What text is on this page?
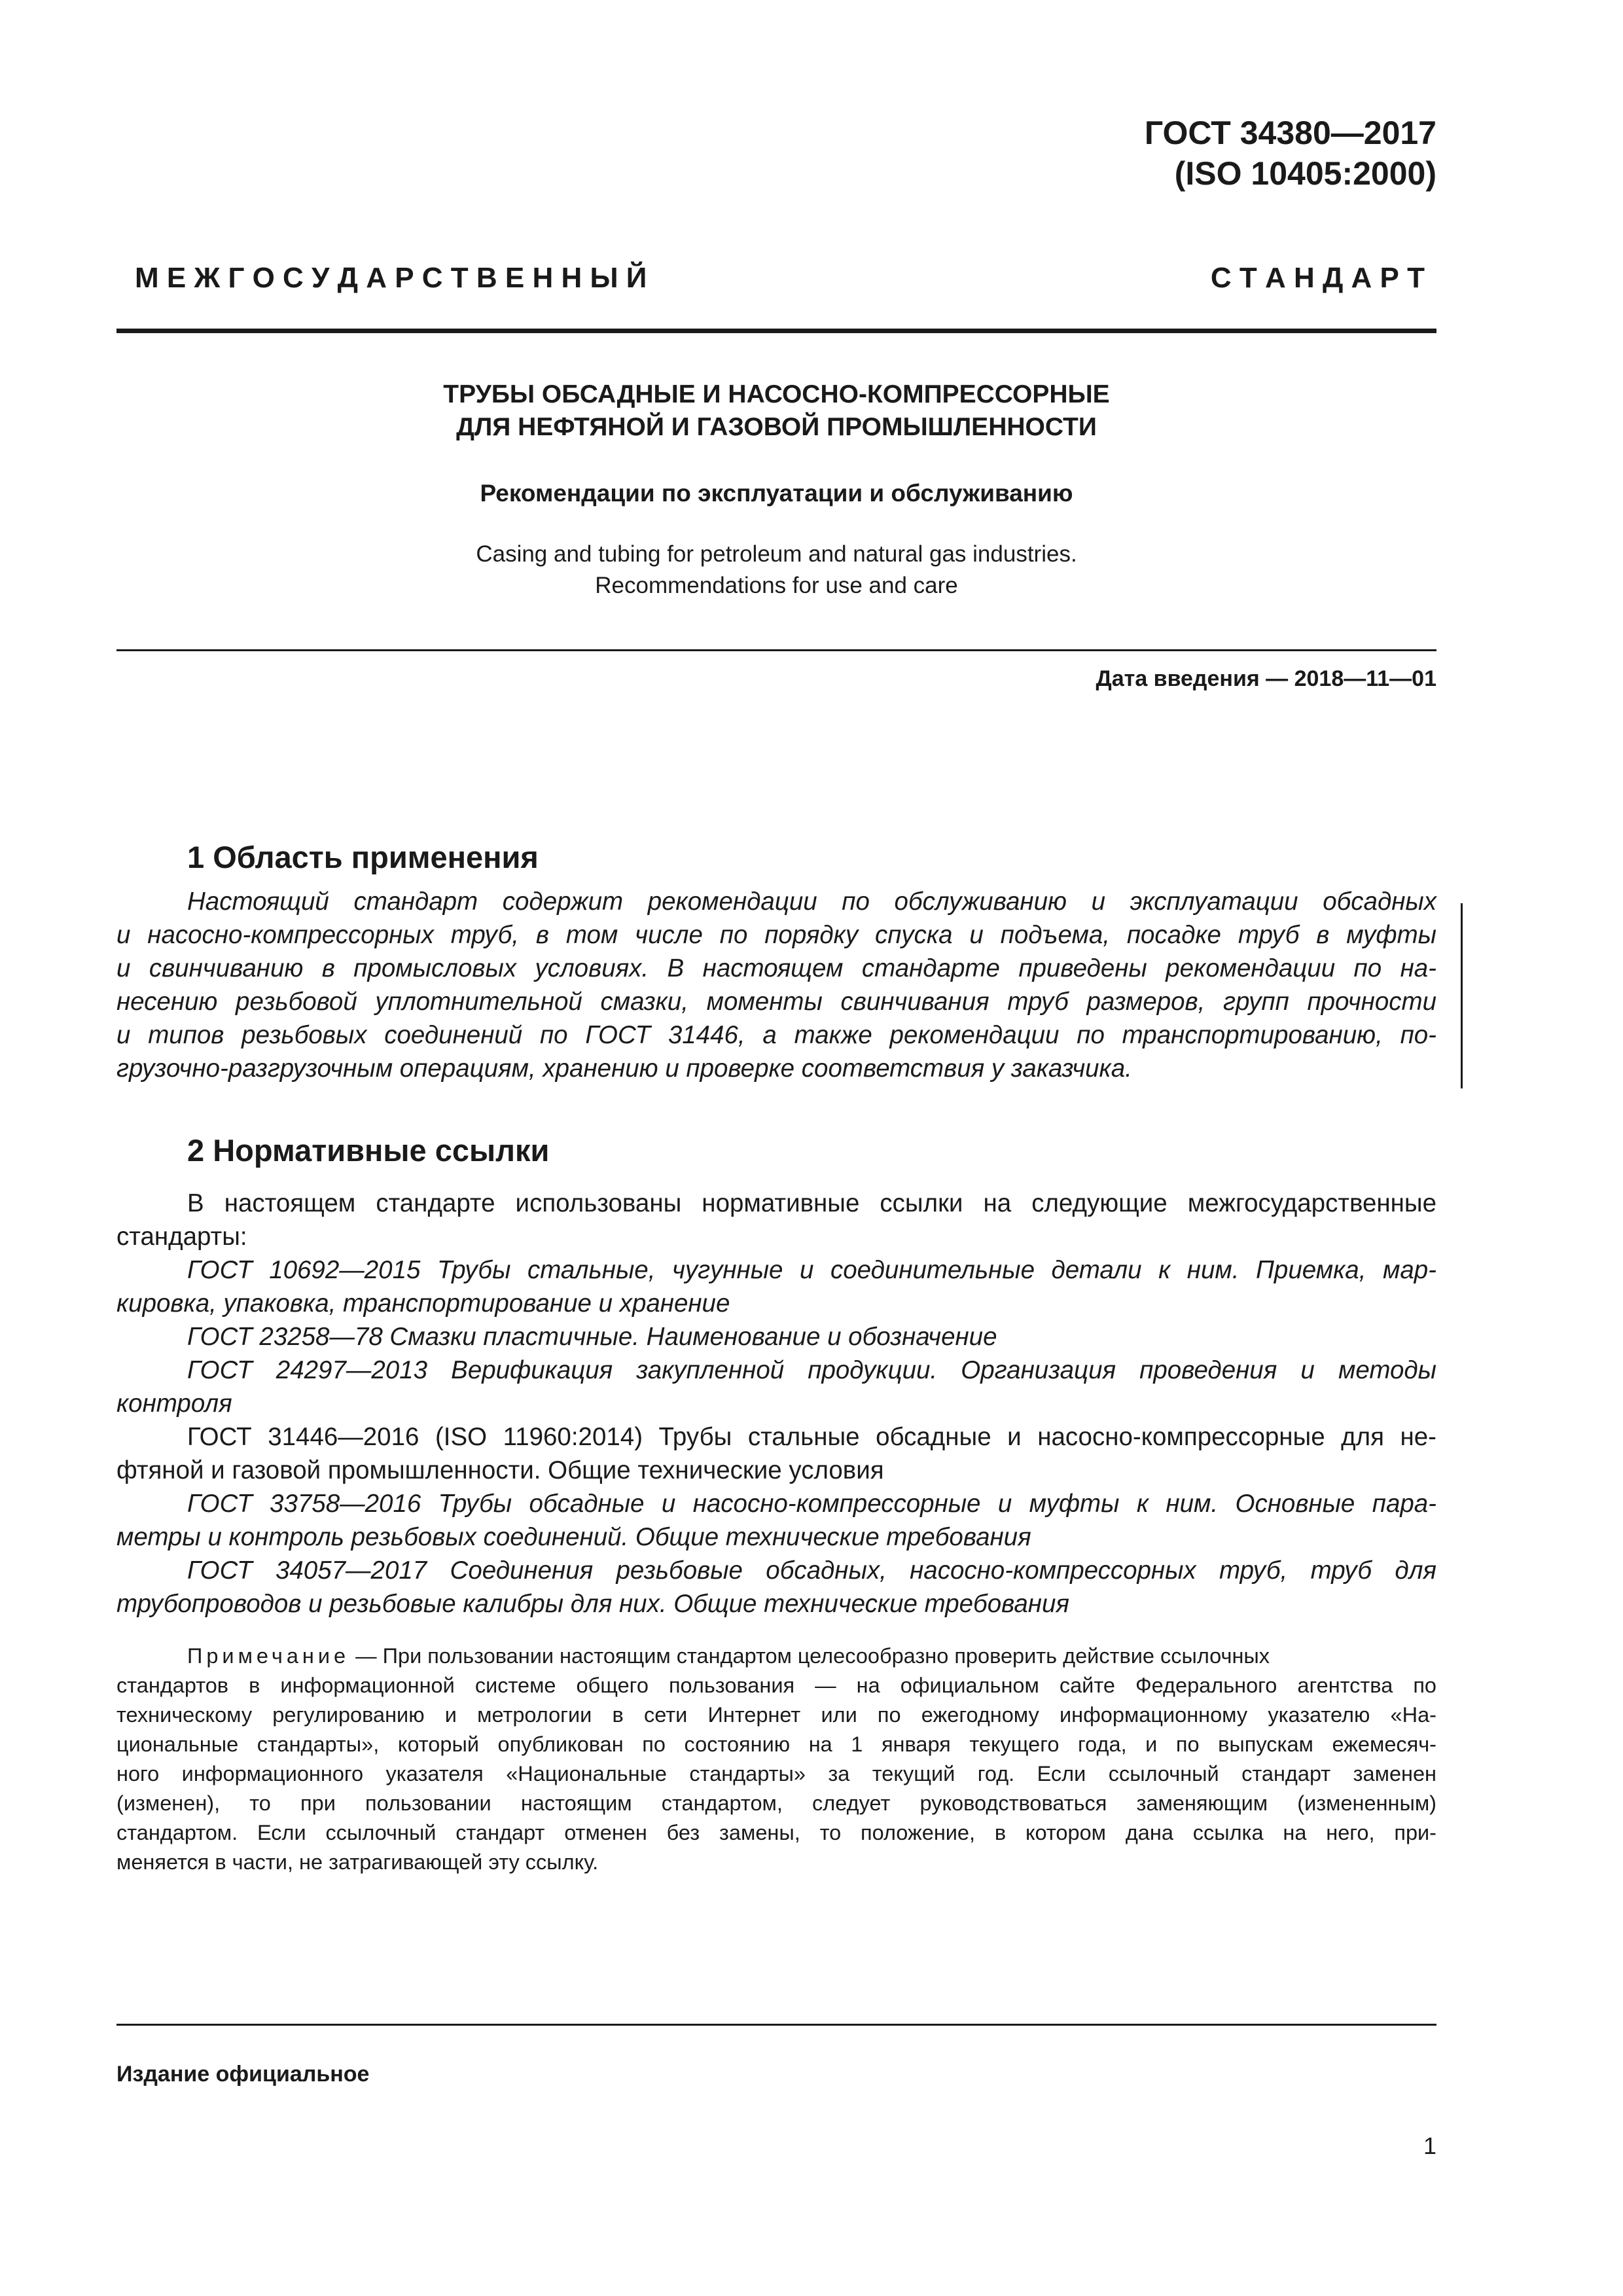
ГОСТ 34380—2017
(ISO 10405:2000)
М Е Ж Г О С У Д А Р С Т В Е Н Н Ы Й	С Т А Н Д А Р Т
ТРУБЫ ОБСАДНЫЕ И НАСОСНО-КОМПРЕССОРНЫЕ
ДЛЯ НЕФТЯНОЙ И ГАЗОВОЙ ПРОМЫШЛЕННОСТИ
Рекомендации по эксплуатации и обслуживанию
Casing and tubing for petroleum and natural gas industries.
Recommendations for use and care
Дата введения — 2018—11—01
1 Область применения
Настоящий стандарт содержит рекомендации по обслуживанию и эксплуатации обсадных
и насосно-компрессорных труб, в том числе по порядку спуска и подъема, посадке труб в муфты
и свинчиванию в промысловых условиях. В настоящем стандарте приведены рекомендации по на-
несению резьбовой уплотнительной смазки, моменты свинчивания труб размеров, групп прочности
и типов резьбовых соединений по ГОСТ 31446, а также рекомендации по транспортированию, по-
грузочно-разгрузочным операциям, хранению и проверке соответствия у заказчика.
2 Нормативные ссылки
В настоящем стандарте использованы нормативные ссылки на следующие межгосударственные
стандарты:
ГОСТ 10692—2015 Трубы стальные, чугунные и соединительные детали к ним. Приемка, мар-
кировка, упаковка, транспортирование и хранение
ГОСТ 23258—78 Смазки пластичные. Наименование и обозначение
ГОСТ 24297—2013 Верификация закупленной продукции. Организация проведения и методы
контроля
ГОСТ 31446—2016 (ISO 11960:2014) Трубы стальные обсадные и насосно-компрессорные для не-
фтяной и газовой промышленности. Общие технические условия
ГОСТ 33758—2016 Трубы обсадные и насосно-компрессорные и муфты к ним. Основные пара-
метры и контроль резьбовых соединений. Общие технические требования
ГОСТ 34057—2017 Соединения резьбовые обсадных, насосно-компрессорных труб, труб для
трубопроводов и резьбовые калибры для них. Общие технические требования
Примечание — При пользовании настоящим стандартом целесообразно проверить действие ссылочных
стандартов в информационной системе общего пользования — на официальном сайте Федерального агентства по
техническому регулированию и метрологии в сети Интернет или по ежегодному информационному указателю «На-
циональные стандарты», который опубликован по состоянию на 1 января текущего года, и по выпускам ежемесяч-
ного информационного указателя «Национальные стандарты» за текущий год. Если ссылочный стандарт заменен
(изменен), то при пользовании настоящим стандартом, следует руководствоваться заменяющим (измененным)
стандартом. Если ссылочный стандарт отменен без замены, то положение, в котором дана ссылка на него, при-
меняется в части, не затрагивающей эту ссылку.
Издание официальное
1
